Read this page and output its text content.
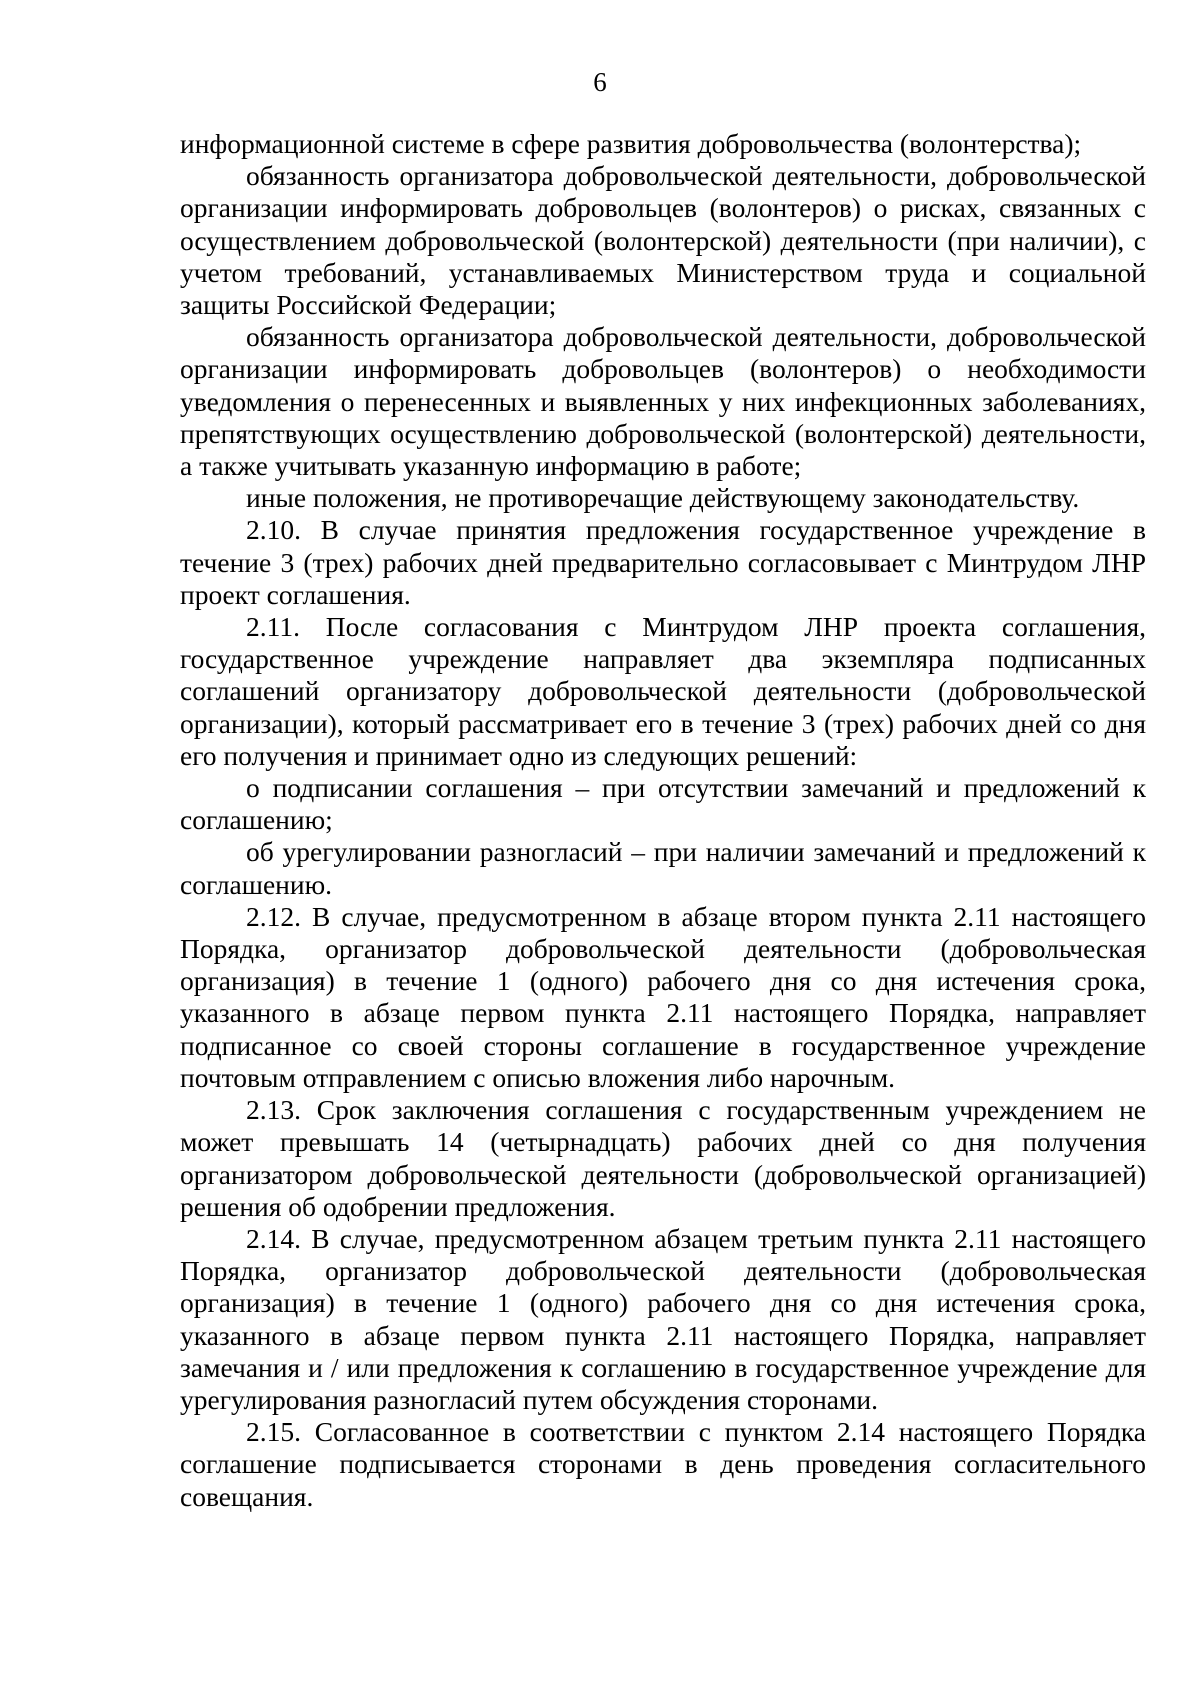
6

информационной системе в сфере развития добровольчества (волонтерства);

обязанность организатора добровольческой деятельности, добровольческой организации информировать добровольцев (волонтеров) о рисках, связанных с осуществлением добровольческой (волонтерской) деятельности (при наличии), с учетом требований, устанавливаемых Министерством труда и социальной защиты Российской Федерации;

обязанность организатора добровольческой деятельности, добровольческой организации информировать добровольцев (волонтеров) о необходимости уведомления о перенесенных и выявленных у них инфекционных заболеваниях, препятствующих осуществлению добровольческой (волонтерской) деятельности, а также учитывать указанную информацию в работе;

иные положения, не противоречащие действующему законодательству.

2.10. В случае принятия предложения государственное учреждение в течение 3 (трех) рабочих дней предварительно согласовывает с Минтрудом ЛНР проект соглашения.

2.11. После согласования с Минтрудом ЛНР проекта соглашения, государственное учреждение направляет два экземпляра подписанных соглашений организатору добровольческой деятельности (добровольческой организации), который рассматривает его в течение 3 (трех) рабочих дней со дня его получения и принимает одно из следующих решений:

о подписании соглашения – при отсутствии замечаний и предложений к соглашению;

об урегулировании разногласий – при наличии замечаний и предложений к соглашению.

2.12. В случае, предусмотренном в абзаце втором пункта 2.11 настоящего Порядка, организатор добровольческой деятельности (добровольческая организация) в течение 1 (одного) рабочего дня со дня истечения срока, указанного в абзаце первом пункта 2.11 настоящего Порядка, направляет подписанное со своей стороны соглашение в государственное учреждение почтовым отправлением с описью вложения либо нарочным.

2.13. Срок заключения соглашения с государственным учреждением не может превышать 14 (четырнадцать) рабочих дней со дня получения организатором добровольческой деятельности (добровольческой организацией) решения об одобрении предложения.

2.14. В случае, предусмотренном абзацем третьим пункта 2.11 настоящего Порядка, организатор добровольческой деятельности (добровольческая организация) в течение 1 (одного) рабочего дня со дня истечения срока, указанного в абзаце первом пункта 2.11 настоящего Порядка, направляет замечания и / или предложения к соглашению в государственное учреждение для урегулирования разногласий путем обсуждения сторонами.

2.15. Согласованное в соответствии с пунктом 2.14 настоящего Порядка соглашение подписывается сторонами в день проведения согласительного совещания.
